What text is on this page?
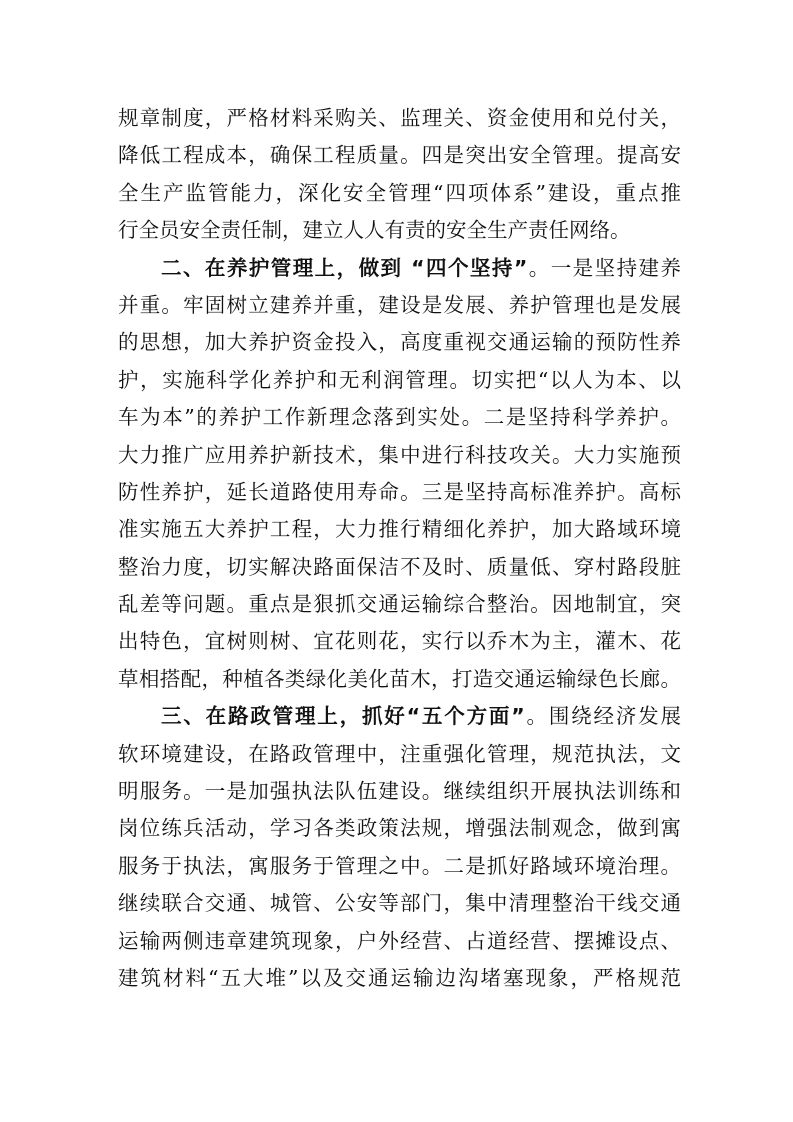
规章制度，严格材料采购关、监理关、资金使用和兑付关，
降低工程成本，确保工程质量。四是突出安全管理。提高安
全生产监管能力，深化安全管理“四项体系”建设，重点推
行全员安全责任制，建立人人有责的安全生产责任网络。
二、在养护管理上，做到 “四个坚持”。一是坚持建养
并重。牢固树立建养并重，建设是发展、养护管理也是发展
的思想，加大养护资金投入，高度重视交通运输的预防性养
护，实施科学化养护和无利润管理。切实把“以人为本、以
车为本”的养护工作新理念落到实处。二是坚持科学养护。
大力推广应用养护新技术，集中进行科技攻关。大力实施预
防性养护，延长道路使用寿命。三是坚持高标准养护。高标
准实施五大养护工程，大力推行精细化养护，加大路域环境
整治力度，切实解决路面保洁不及时、质量低、穿村路段脏
乱差等问题。重点是狠抓交通运输综合整治。因地制宜，突
出特色，宜树则树、宜花则花，实行以乔木为主，灌木、花
草相搭配，种植各类绿化美化苗木，打造交通运输绿色长廊。
三、在路政管理上，抓好“五个方面”。围绕经济发展
软环境建设，在路政管理中，注重强化管理，规范执法，文
明服务。一是加强执法队伍建设。继续组织开展执法训练和
岗位练兵活动，学习各类政策法规，增强法制观念，做到寓
服务于执法，寓服务于管理之中。二是抓好路域环境治理。
继续联合交通、城管、公安等部门，集中清理整治干线交通
运输两侧违章建筑现象，户外经营、占道经营、摆摊设点、
建筑材料“五大堆”以及交通运输边沟堵塞现象，严格规范
